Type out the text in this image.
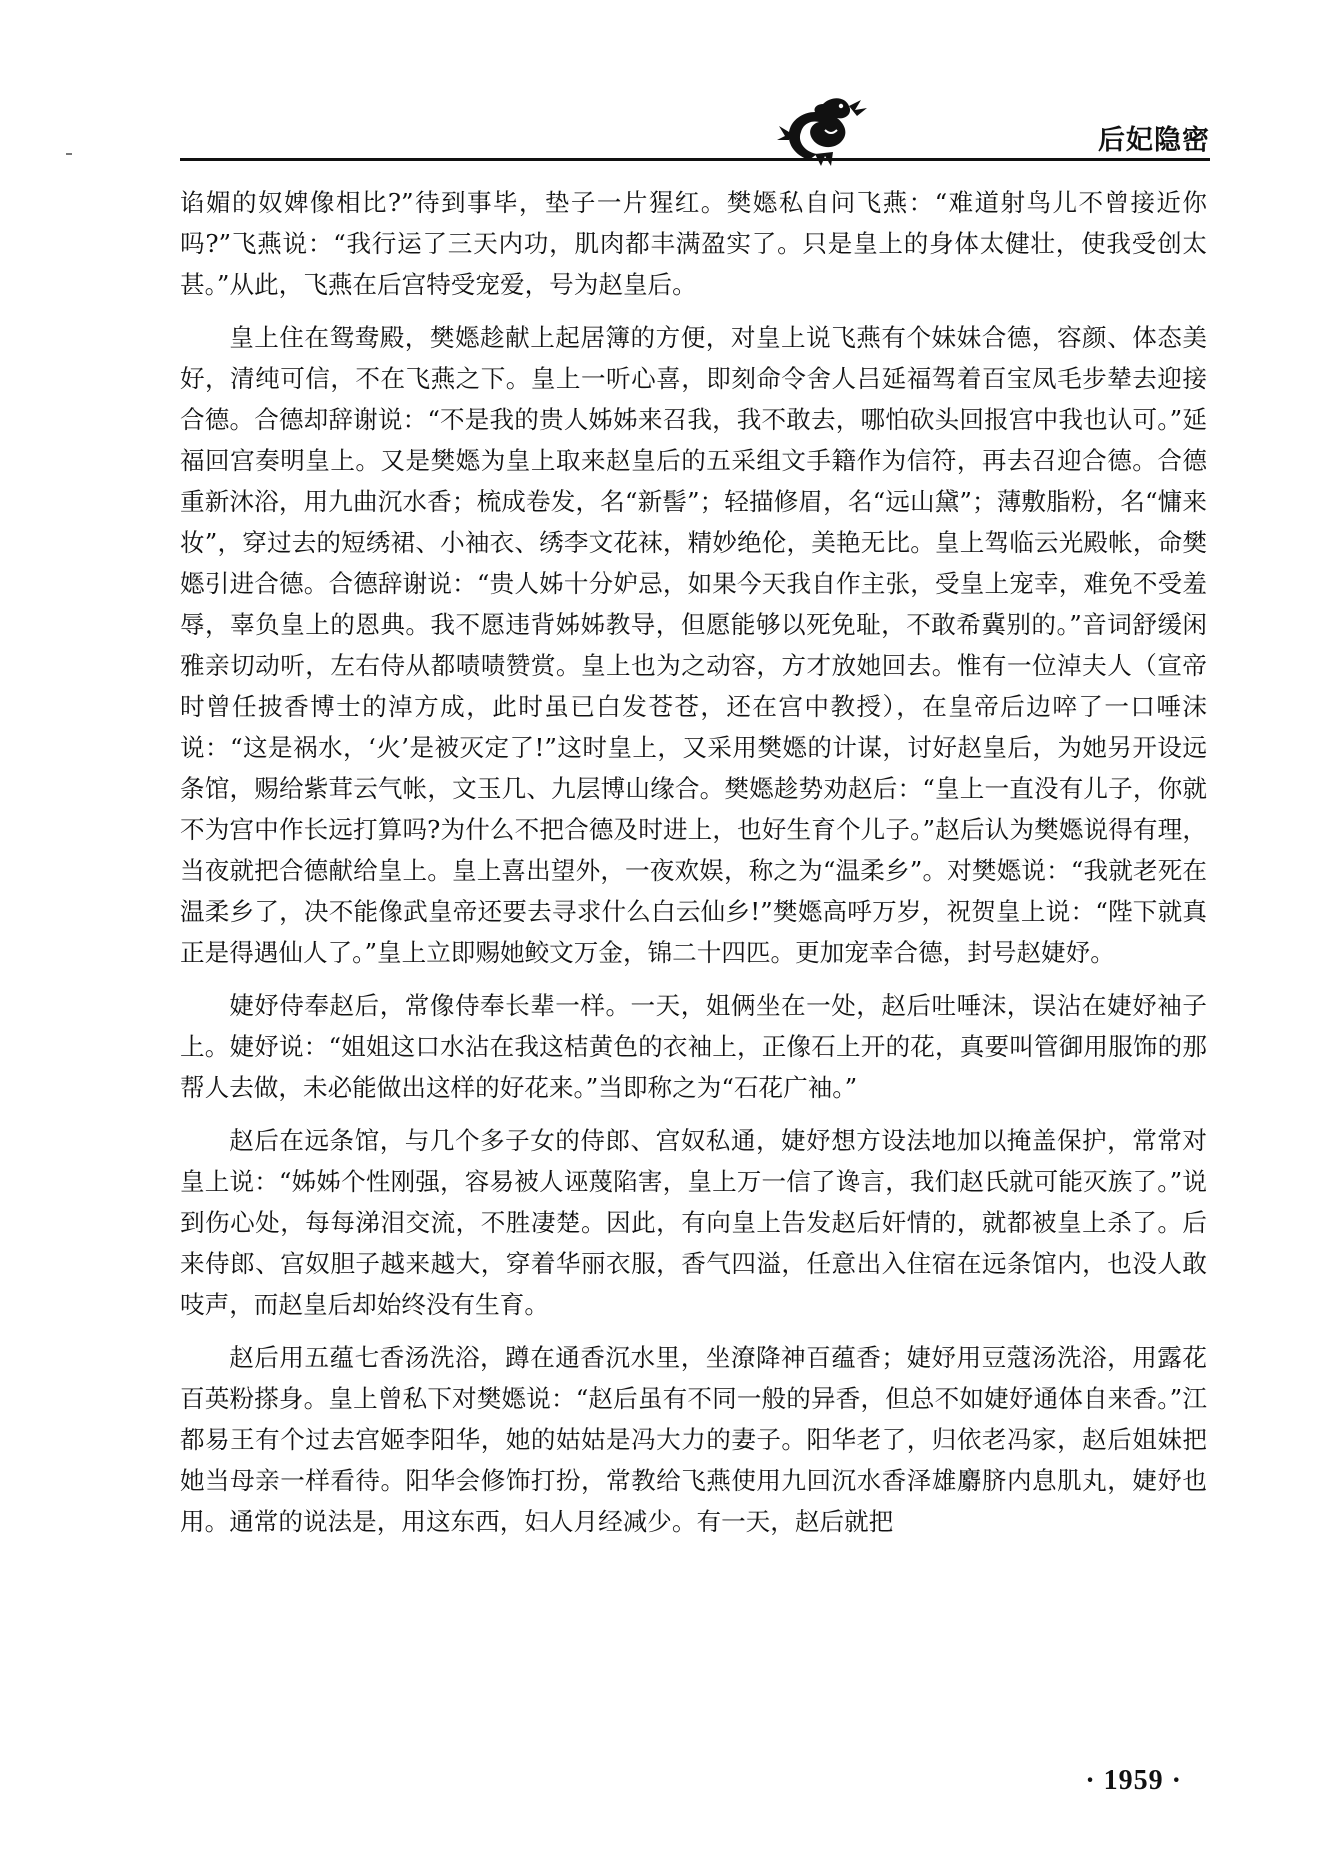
后妃隐密

谄媚的奴婢像相比?”待到事毕，垫子一片猩红。樊嫕私自问飞燕：“难道射鸟儿不曾接近你吗?”飞燕说：“我行运了三天内功，肌肉都丰满盈实了。只是皇上的身体太健壮，使我受创太甚。”从此，飞燕在后宫特受宠爱，号为赵皇后。

皇上住在鸳鸯殿，樊嫕趁献上起居簿的方便，对皇上说飞燕有个妹妹合德，容颜、体态美好，清纯可信，不在飞燕之下。皇上一听心喜，即刻命令舍人吕延福驾着百宝凤毛步辇去迎接合德。合德却辞谢说：“不是我的贵人姊姊来召我，我不敢去，哪怕砍头回报宫中我也认可。”延福回宫奏明皇上。又是樊嫕为皇上取来赵皇后的五采组文手籍作为信符，再去召迎合德。合德重新沐浴，用九曲沉水香；梳成卷发，名“新髻”；轻描修眉，名“远山黛”；薄敷脂粉，名“慵来妆”，穿过去的短绣裙、小袖衣、绣李文花袜，精妙绝伦，美艳无比。皇上驾临云光殿帐，命樊嫕引进合德。合德辞谢说：“贵人姊十分妒忌，如果今天我自作主张，受皇上宠幸，难免不受羞辱，辜负皇上的恩典。我不愿违背姊姊教导，但愿能够以死免耻，不敢希冀别的。”音词舒缓闲雅亲切动听，左右侍从都啧啧赞赏。皇上也为之动容，方才放她回去。惟有一位淖夫人（宣帝时曾任披香博士的淖方成，此时虽已白发苍苍，还在宫中教授），在皇帝后边啐了一口唾沫说：“这是祸水，‘火’是被灭定了!”这时皇上，又采用樊嫕的计谋，讨好赵皇后，为她另开设远条馆，赐给紫茸云气帐，文玉几、九层博山缘合。樊嫕趁势劝赵后：“皇上一直没有儿子，你就不为宫中作长远打算吗?为什么不把合德及时进上，也好生育个儿子。”赵后认为樊嫕说得有理，当夜就把合德献给皇上。皇上喜出望外，一夜欢娱，称之为“温柔乡”。对樊嫕说：“我就老死在温柔乡了，决不能像武皇帝还要去寻求什么白云仙乡!”樊嫕高呼万岁，祝贺皇上说：“陛下就真正是得遇仙人了。”皇上立即赐她鲛文万金，锦二十四匹。更加宠幸合德，封号赵婕妤。

婕妤侍奉赵后，常像侍奉长辈一样。一天，姐俩坐在一处，赵后吐唾沫，误沾在婕妤袖子上。婕妤说：“姐姐这口水沾在我这桔黄色的衣袖上，正像石上开的花，真要叫管御用服饰的那帮人去做，未必能做出这样的好花来。”当即称之为“石花广袖。”

赵后在远条馆，与几个多子女的侍郎、宫奴私通，婕妤想方设法地加以掩盖保护，常常对皇上说：“姊姊个性刚强，容易被人诬蔑陷害，皇上万一信了谗言，我们赵氏就可能灭族了。”说到伤心处，每每涕泪交流，不胜凄楚。因此，有向皇上告发赵后奸情的，就都被皇上杀了。后来侍郎、宫奴胆子越来越大，穿着华丽衣服，香气四溢，任意出入住宿在远条馆内，也没人敢吱声，而赵皇后却始终没有生育。

赵后用五蕴七香汤洗浴，蹲在通香沉水里，坐潦降神百蕴香；婕妤用豆蔻汤洗浴，用露花百英粉搽身。皇上曾私下对樊嫕说：“赵后虽有不同一般的异香，但总不如婕妤通体自来香。”江都易王有个过去宫姬李阳华，她的姑姑是冯大力的妻子。阳华老了，归依老冯家，赵后姐妹把她当母亲一样看待。阳华会修饰打扮，常教给飞燕使用九回沉水香泽雄麝脐内息肌丸，婕妤也用。通常的说法是，用这东西，妇人月经减少。有一天，赵后就把

· 1959 ·
